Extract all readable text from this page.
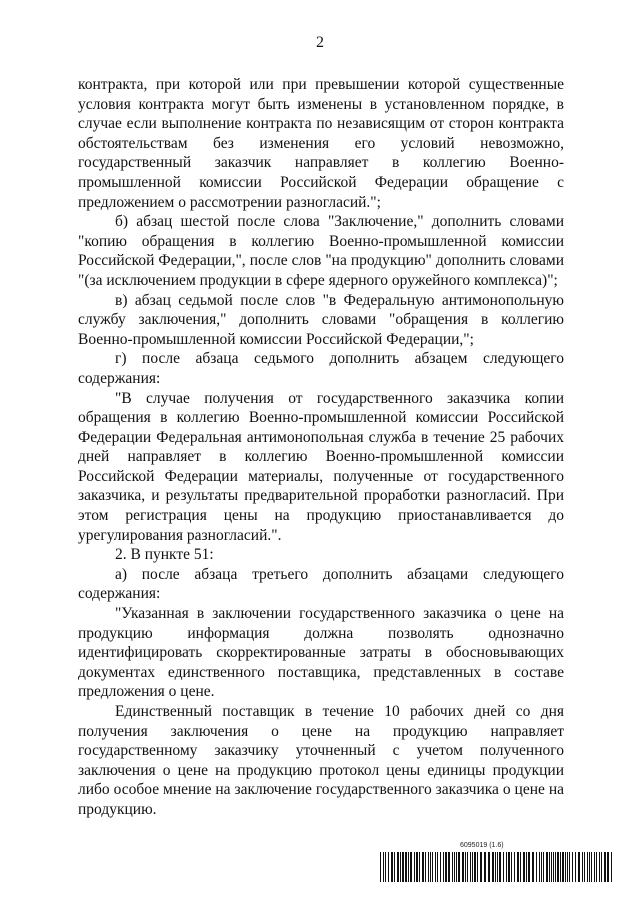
2

контракта, при которой или при превышении которой существенные условия контракта могут быть изменены в установленном порядке, в случае если выполнение контракта по независящим от сторон контракта обстоятельствам без изменения его условий невозможно, государственный заказчик направляет в коллегию Военно-промышленной комиссии Российской Федерации обращение с предложением о рассмотрении разногласий.";

б) абзац шестой после слова "Заключение," дополнить словами "копию обращения в коллегию Военно-промышленной комиссии Российской Федерации,", после слов "на продукцию" дополнить словами "(за исключением продукции в сфере ядерного оружейного комплекса)";

в) абзац седьмой после слов "в Федеральную антимонопольную службу заключения," дополнить словами "обращения в коллегию Военно-промышленной комиссии Российской Федерации,";

г) после абзаца седьмого дополнить абзацем следующего содержания:

"В случае получения от государственного заказчика копии обращения в коллегию Военно-промышленной комиссии Российской Федерации Федеральная антимонопольная служба в течение 25 рабочих дней направляет в коллегию Военно-промышленной комиссии Российской Федерации материалы, полученные от государственного заказчика, и результаты предварительной проработки разногласий. При этом регистрация цены на продукцию приостанавливается до урегулирования разногласий.".

2. В пункте 51:

а) после абзаца третьего дополнить абзацами следующего содержания:

"Указанная в заключении государственного заказчика о цене на продукцию информация должна позволять однозначно идентифицировать скорректированные затраты в обосновывающих документах единственного поставщика, представленных в составе предложения о цене.

Единственный поставщик в течение 10 рабочих дней со дня получения заключения о цене на продукцию направляет государственному заказчику уточненный с учетом полученного заключения о цене на продукцию протокол цены единицы продукции либо особое мнение на заключение государственного заказчика о цене на продукцию.

6095019 (1.6)
